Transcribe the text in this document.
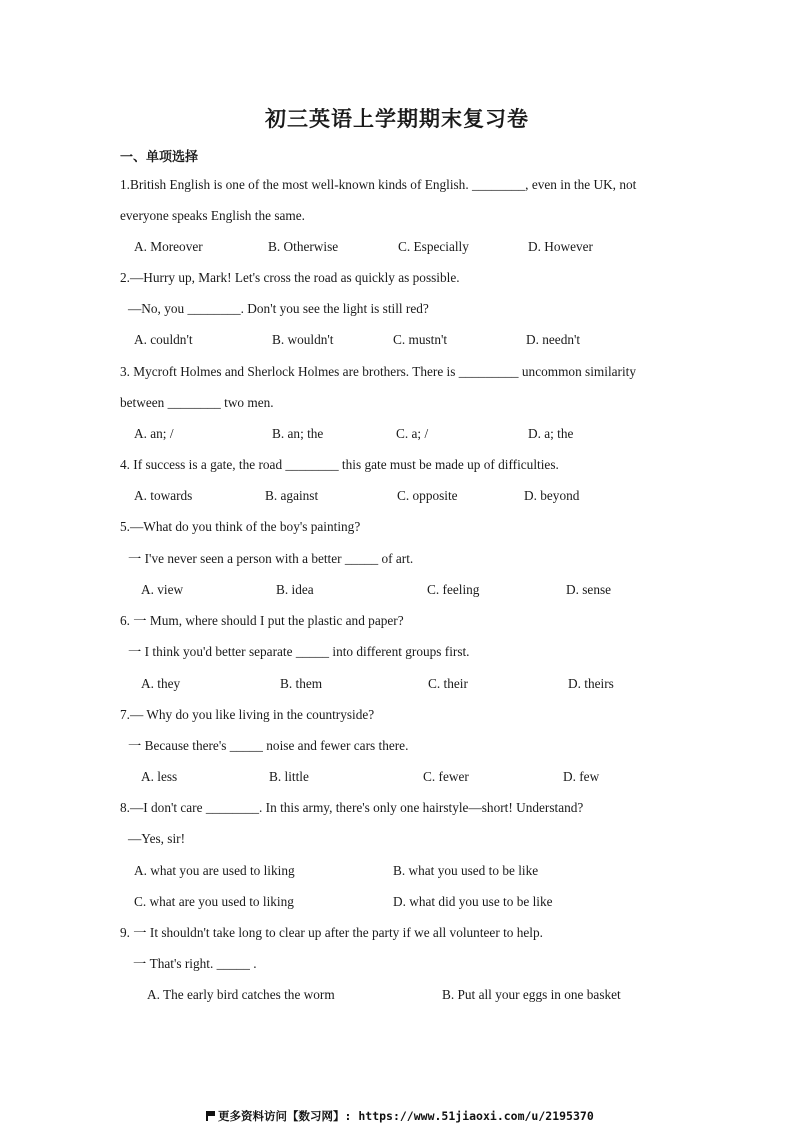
初三英语上学期期末复习卷
一、单项选择
1.British English is one of the most well-known kinds of English. ________, even in the UK, not
everyone speaks English the same.
A. Moreover	B. Otherwise	C. Especially	D. However
2.—Hurry up, Mark! Let's cross the road as quickly as possible.
—No, you ________. Don't you see the light is still red?
A. couldn't	B. wouldn't	C. mustn't	D. needn't
3. Mycroft Holmes and Sherlock Holmes are brothers. There is _________ uncommon similarity
between ________ two men.
A. an; /	B. an; the	C. a; /	D. a; the
4. If success is a gate, the road ________ this gate must be made up of difficulties.
A. towards	B. against	C. opposite	D. beyond
5.—What do you think of the boy's painting?
一 I've never seen a person with a better _____ of art.
A. view	B. idea	C. feeling	D. sense
6. 一 Mum, where should I put the plastic and paper?
一 I think you'd better separate _____ into different groups first.
A. they	B. them	C. their	D. theirs
7.— Why do you like living in the countryside?
一 Because there's _____ noise and fewer cars there.
A. less	B. little	C. fewer	D. few
8.—I don't care ________. In this army, there's only one hairstyle—short! Understand?
—Yes, sir!
A. what you are used to liking	B. what you used to be like
C. what are you used to liking	D. what did you use to be like
9. 一 It shouldn't take long to clear up after the party if we all volunteer to help.
一 That's right. _____ .
A. The early bird catches the worm	B. Put all your eggs in one basket
更多资料访问【数习网】: https://www.51jiaoxi.com/u/2195370
